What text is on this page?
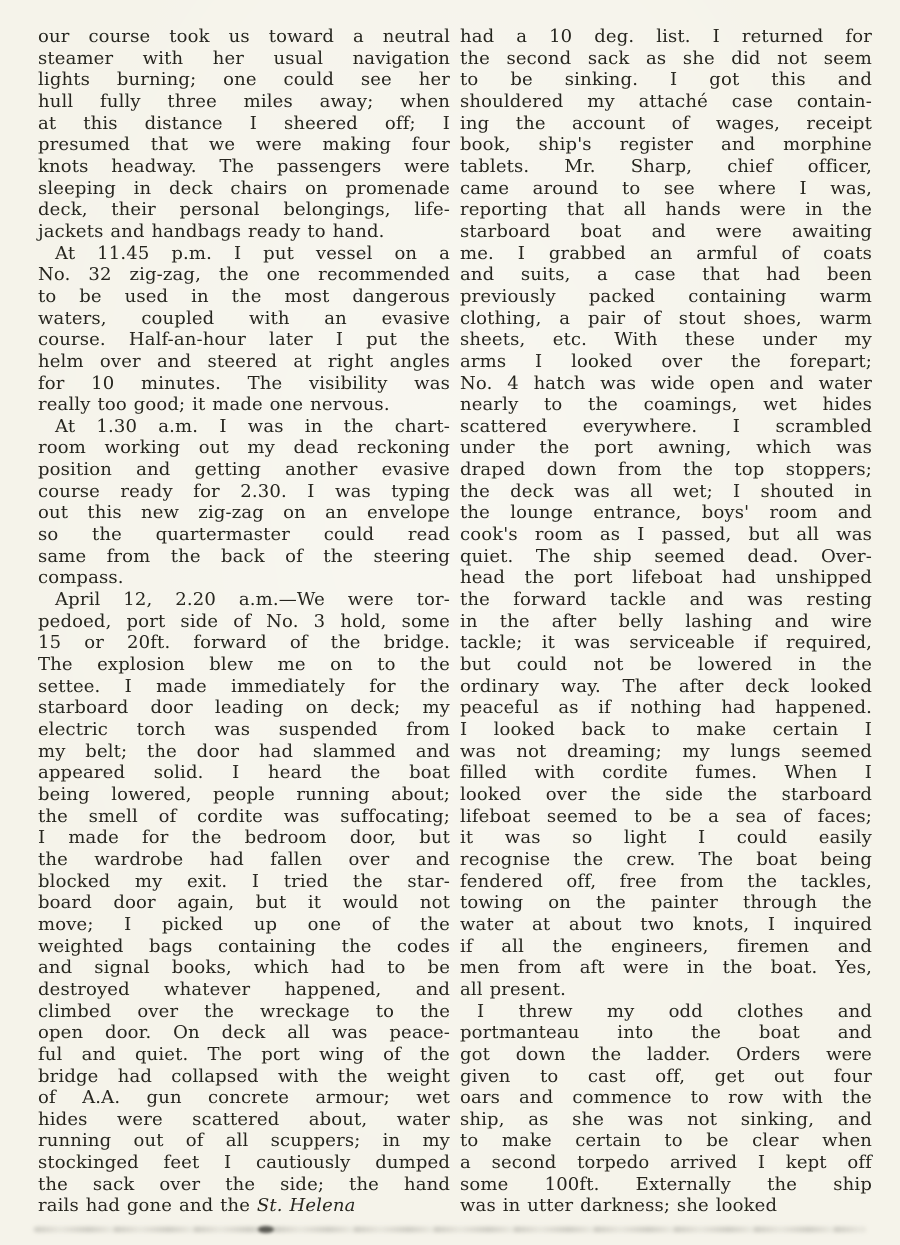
our course took us toward a neutral
steamer with her usual navigation
lights burning; one could see her
hull fully three miles away; when
at this distance I sheered off; I
presumed that we were making four
knots headway. The passengers were
sleeping in deck chairs on promenade
deck, their personal belongings, life-
jackets and handbags ready to hand.
At 11.45 p.m. I put vessel on a
No. 32 zig-zag, the one recommended
to be used in the most dangerous
waters, coupled with an evasive
course. Half-an-hour later I put the
helm over and steered at right angles
for 10 minutes. The visibility was
really too good; it made one nervous.
At 1.30 a.m. I was in the chart-
room working out my dead reckoning
position and getting another evasive
course ready for 2.30. I was typing
out this new zig-zag on an envelope
so the quartermaster could read
same from the back of the steering
compass.
April 12, 2.20 a.m.—We were tor-
pedoed, port side of No. 3 hold, some
15 or 20ft. forward of the bridge.
The explosion blew me on to the
settee. I made immediately for the
starboard door leading on deck; my
electric torch was suspended from
my belt; the door had slammed and
appeared solid. I heard the boat
being lowered, people running about;
the smell of cordite was suffocating;
I made for the bedroom door, but
the wardrobe had fallen over and
blocked my exit. I tried the star-
board door again, but it would not
move; I picked up one of the
weighted bags containing the codes
and signal books, which had to be
destroyed whatever happened, and
climbed over the wreckage to the
open door. On deck all was peace-
ful and quiet. The port wing of the
bridge had collapsed with the weight
of A.A. gun concrete armour; wet
hides were scattered about, water
running out of all scuppers; in my
stockinged feet I cautiously dumped
the sack over the side; the hand
rails had gone and the St. Helena
had a 10 deg. list. I returned for
the second sack as she did not seem
to be sinking. I got this and
shouldered my attaché case contain-
ing the account of wages, receipt
book, ship's register and morphine
tablets. Mr. Sharp, chief officer,
came around to see where I was,
reporting that all hands were in the
starboard boat and were awaiting
me. I grabbed an armful of coats
and suits, a case that had been
previously packed containing warm
clothing, a pair of stout shoes, warm
sheets, etc. With these under my
arms I looked over the forepart;
No. 4 hatch was wide open and water
nearly to the coamings, wet hides
scattered everywhere. I scrambled
under the port awning, which was
draped down from the top stoppers;
the deck was all wet; I shouted in
the lounge entrance, boys' room and
cook's room as I passed, but all was
quiet. The ship seemed dead. Over-
head the port lifeboat had unshipped
the forward tackle and was resting
in the after belly lashing and wire
tackle; it was serviceable if required,
but could not be lowered in the
ordinary way. The after deck looked
peaceful as if nothing had happened.
I looked back to make certain I
was not dreaming; my lungs seemed
filled with cordite fumes. When I
looked over the side the starboard
lifeboat seemed to be a sea of faces;
it was so light I could easily
recognise the crew. The boat being
fendered off, free from the tackles,
towing on the painter through the
water at about two knots, I inquired
if all the engineers, firemen and
men from aft were in the boat. Yes,
all present.
I threw my odd clothes and
portmanteau into the boat and
got down the ladder. Orders were
given to cast off, get out four
oars and commence to row with the
ship, as she was not sinking, and
to make certain to be clear when
a second torpedo arrived I kept off
some 100ft. Externally the ship
was in utter darkness; she looked
